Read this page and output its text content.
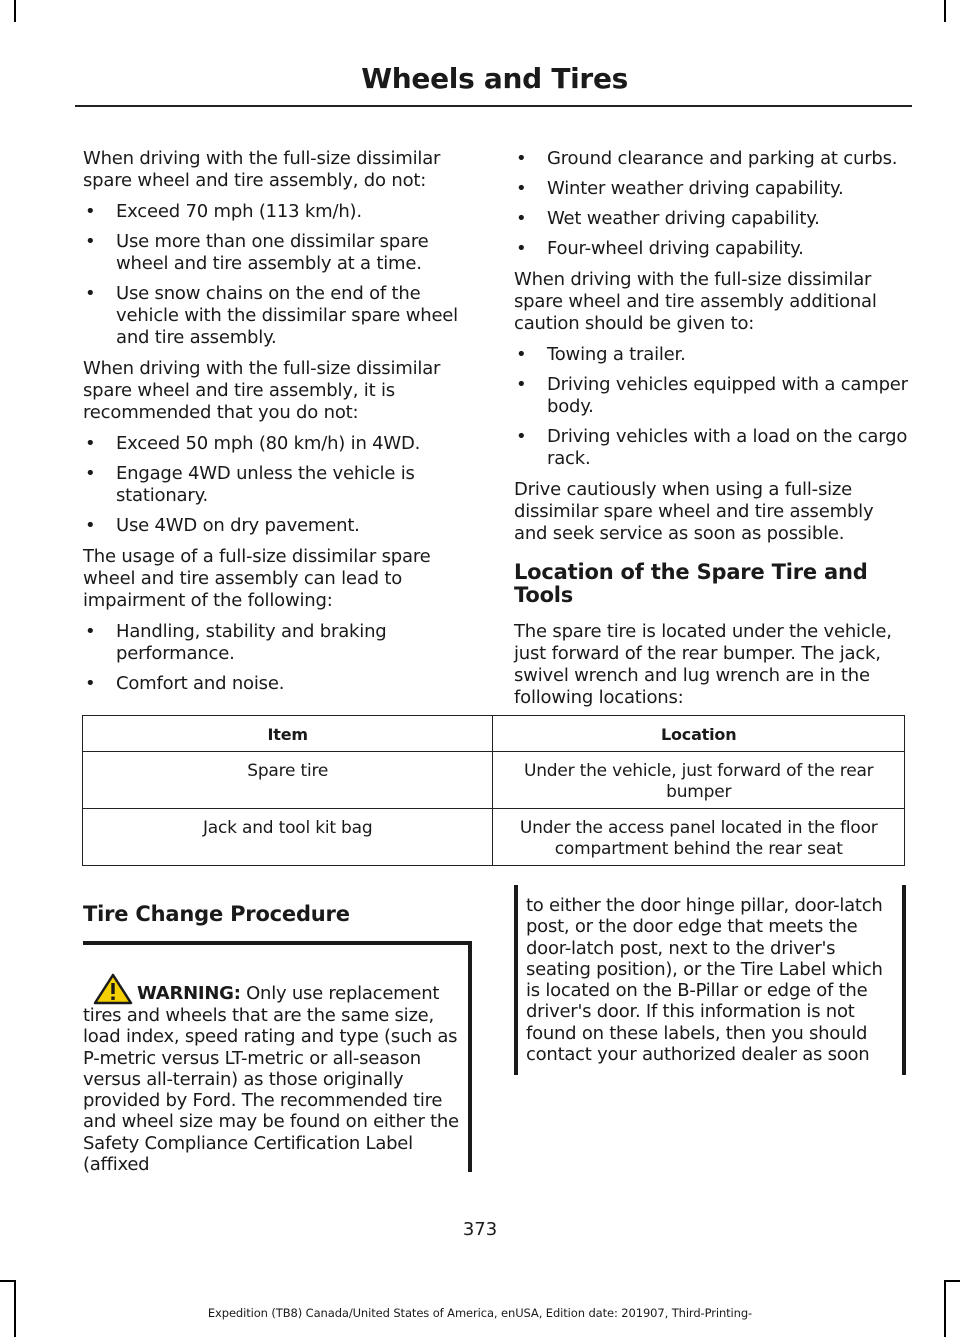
Wheels and Tires

When driving with the full-size dissimilar spare wheel and tire assembly, do not:

• Exceed 70 mph (113 km/h).
• Use more than one dissimilar spare wheel and tire assembly at a time.
• Use snow chains on the end of the vehicle with the dissimilar spare wheel and tire assembly.

When driving with the full-size dissimilar spare wheel and tire assembly, it is recommended that you do not:

• Exceed 50 mph (80 km/h) in 4WD.
• Engage 4WD unless the vehicle is stationary.
• Use 4WD on dry pavement.

The usage of a full-size dissimilar spare wheel and tire assembly can lead to impairment of the following:

• Handling, stability and braking performance.
• Comfort and noise.
• Ground clearance and parking at curbs.
• Winter weather driving capability.
• Wet weather driving capability.
• Four-wheel driving capability.

When driving with the full-size dissimilar spare wheel and tire assembly additional caution should be given to:

• Towing a trailer.
• Driving vehicles equipped with a camper body.
• Driving vehicles with a load on the cargo rack.

Drive cautiously when using a full-size dissimilar spare wheel and tire assembly and seek service as soon as possible.

Location of the Spare Tire and Tools

The spare tire is located under the vehicle, just forward of the rear bumper. The jack, swivel wrench and lug wrench are in the following locations:

Item	Location
Spare tire	Under the vehicle, just forward of the rear bumper
Jack and tool kit bag	Under the access panel located in the floor compartment behind the rear seat
Tire Change Procedure
WARNING: Only use replacement tires and wheels that are the same size, load index, speed rating and type (such as P-metric versus LT-metric or all-season versus all-terrain) as those originally provided by Ford. The recommended tire and wheel size may be found on either the Safety Compliance Certification Label (affixed
to either the door hinge pillar, door-latch post, or the door edge that meets the door-latch post, next to the driver's seating position), or the Tire Label which is located on the B-Pillar or edge of the driver's door. If this information is not found on these labels, then you should contact your authorized dealer as soon
373
Expedition (TB8) Canada/United States of America, enUSA, Edition date: 201907, Third-Printing-
